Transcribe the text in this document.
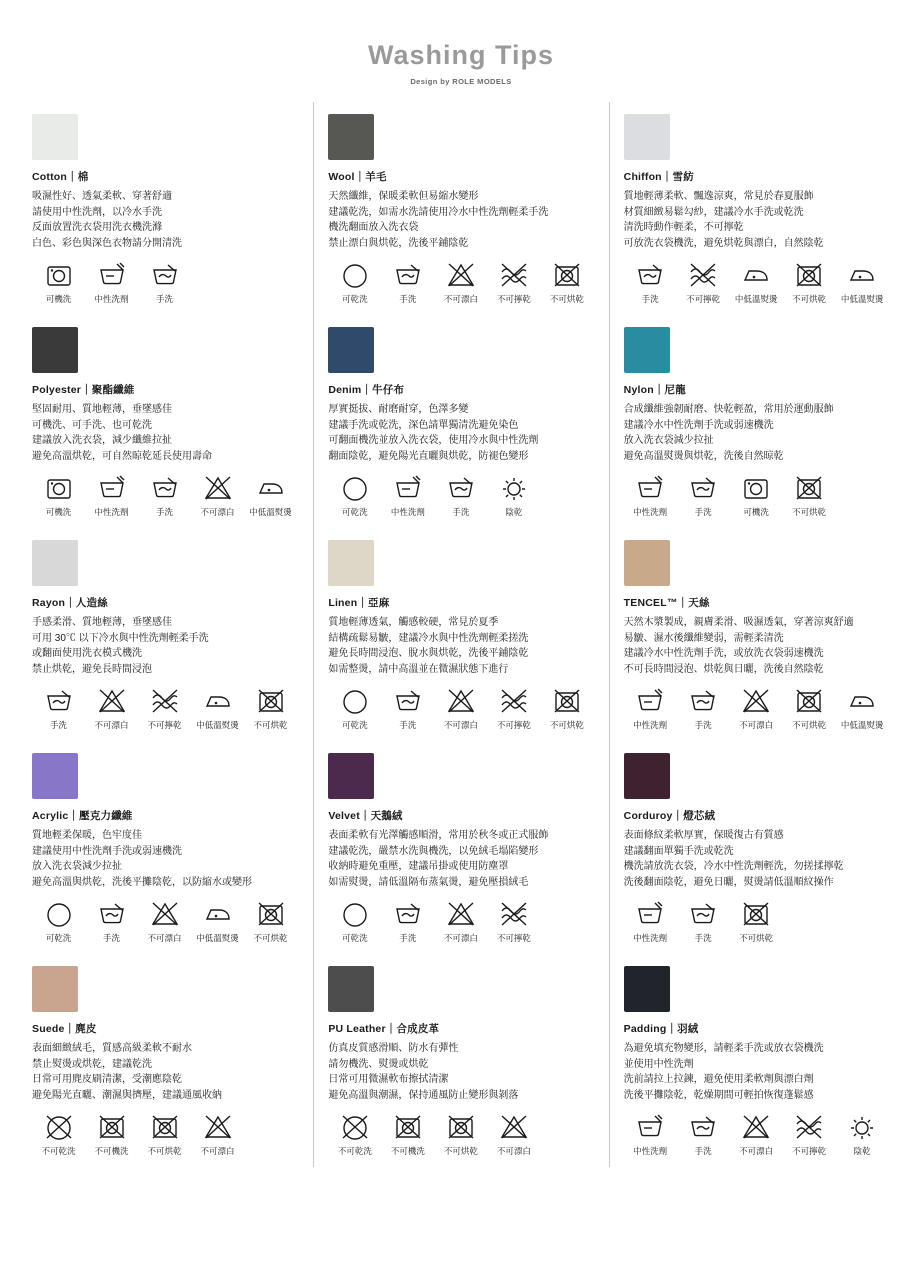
Washing Tips
Design by ROLE MODELS
Cotton｜棉
吸濕性好、透氣柔軟、穿著舒適
請使用中性洗劑，以冷水手洗
反面放置洗衣袋用洗衣機洗滌
白色、彩色與深色衣物請分開清洗
可機洗	中性洗劑	手洗
Polyester｜聚酯纖維
堅固耐用、質地輕薄，垂墜感佳
可機洗、可手洗、也可乾洗
建議放入洗衣袋，減少纖維拉扯
避免高溫烘乾，可自然晾乾延長使用壽命
可機洗	中性洗劑	手洗	不可漂白 中低溫熨燙
Rayon｜人造絲
手感柔滑、質地輕薄，垂墜感佳
可用 30℃ 以下冷水與中性洗劑輕柔手洗
或翻面使用洗衣模式機洗
禁止烘乾，避免長時間浸泡
手洗	不可漂白 不可擰乾 中低溫熨燙 不可烘乾
Acrylic｜壓克力纖維
質地輕柔保暖，色牢度佳
建議使用中性洗劑手洗或弱速機洗
放入洗衣袋減少拉扯
避免高溫與烘乾，洗後平攤陰乾，以防縮水或變形
可乾洗	手洗	不可漂白 中低溫熨燙 不可烘乾
Suede｜麂皮
表面細緻絨毛，質感高級柔軟不耐水
禁止熨燙或烘乾，建議乾洗
日常可用麂皮刷清潔，受潮應陰乾
避免陽光直曬、潮濕與擠壓，建議通風收納
不可乾洗 不可機洗 不可烘乾 不可漂白
Wool｜羊毛
天然纖維，保暖柔軟但易縮水變形
建議乾洗，如需水洗請使用冷水中性洗劑輕柔手洗
機洗翻面放入洗衣袋
禁止漂白與烘乾，洗後平鋪陰乾
可乾洗	手洗	不可漂白 不可擰乾 不可烘乾
Denim｜牛仔布
厚實挺拔、耐磨耐穿，色澤多變
建議手洗或乾洗，深色請單獨清洗避免染色
可翻面機洗並放入洗衣袋，使用冷水與中性洗劑
翻面陰乾，避免陽光直曬與烘乾，防褪色變形
可乾洗	中性洗劑	手洗	陰乾
Linen｜亞麻
質地輕薄透氣，觸感較硬，常見於夏季
結構疏鬆易皺，建議冷水與中性洗劑輕柔搓洗
避免長時間浸泡、脫水與烘乾，洗後平鋪陰乾
如需整燙，請中高溫並在微濕狀態下進行
可乾洗	手洗	不可漂白 不可擰乾 不可烘乾
Velvet｜天鵝絨
表面柔軟有光澤觸感順滑，常用於秋冬或正式服飾
建議乾洗，嚴禁水洗與機洗，以免絨毛塌陷變形
收納時避免重壓，建議吊掛或使用防塵罩
如需熨燙，請低溫隔布蒸氣燙，避免壓損絨毛
可乾洗	手洗	不可漂白 不可擰乾
PU Leather｜合成皮革
仿真皮質感滑順、防水有彈性
請勿機洗、熨燙或烘乾
日常可用微濕軟布擦拭清潔
避免高溫與潮濕，保持通風防止變形與剝落
不可乾洗 不可機洗 不可烘乾 不可漂白
Chiffon｜雪紡
質地輕薄柔軟、飄逸涼爽，常見於春夏服飾
材質細緻易鬆勾紗，建議冷水手洗或乾洗
清洗時動作輕柔，不可擰乾
可放洗衣袋機洗，避免烘乾與漂白，自然陰乾
手洗	不可擰乾 中低溫熨燙 不可烘乾 中低溫熨燙
Nylon｜尼龍
合成纖維強韌耐磨、快乾輕盈，常用於運動服飾
建議冷水中性洗劑手洗或弱速機洗
放入洗衣袋減少拉扯
避免高溫熨燙與烘乾，洗後自然晾乾
中性洗劑	手洗	可機洗	不可烘乾
TENCEL™｜天絲
天然木漿製成，親膚柔滑、吸濕透氣，穿著涼爽舒適
易皺、濕水後纖維變弱，需輕柔清洗
建議冷水中性洗劑手洗，或放洗衣袋弱速機洗
不可長時間浸泡、烘乾與日曬，洗後自然陰乾
中性洗劑	手洗	不可漂白 不可烘乾 中低溫熨燙
Corduroy｜燈芯絨
表面條紋柔軟厚實，保暖復古有質感
建議翻面單獨手洗或乾洗
機洗請放洗衣袋，冷水中性洗劑輕洗，勿搓揉擰乾
洗後翻面陰乾，避免日曬，熨燙請低溫順紋操作
中性洗劑	手洗	不可烘乾
Padding｜羽絨
為避免填充物變形，請輕柔手洗或放衣袋機洗
並使用中性洗劑
洗前請拉上拉鍊，避免使用柔軟劑與漂白劑
洗後平攤陰乾，乾燥期間可輕拍恢復蓬鬆感
中性洗劑	手洗	不可漂白 不可擰乾	陰乾
